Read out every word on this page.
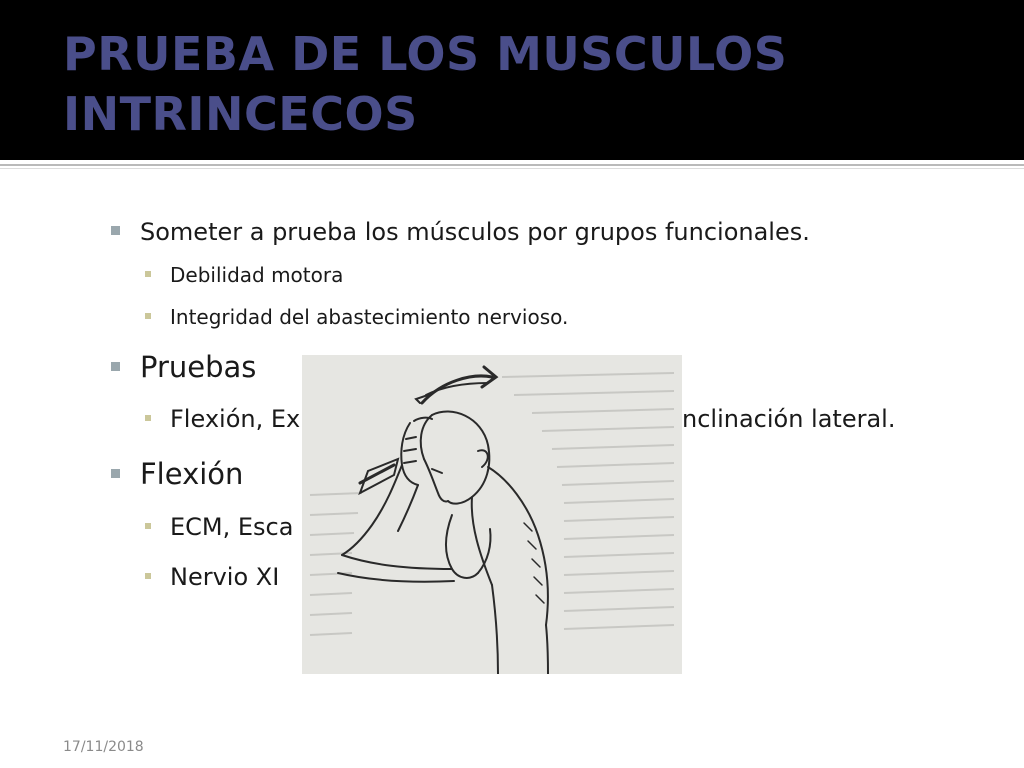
PRUEBA DE LOS MUSCULOS INTRINCECOS
Someter a prueba los músculos por grupos funcionales.
Debilidad motora
Integridad del abastecimiento nervioso.
Pruebas
Flexión, Ex	nclinación lateral.
Flexión
ECM, Esca
Nervio XI
17/11/2018
